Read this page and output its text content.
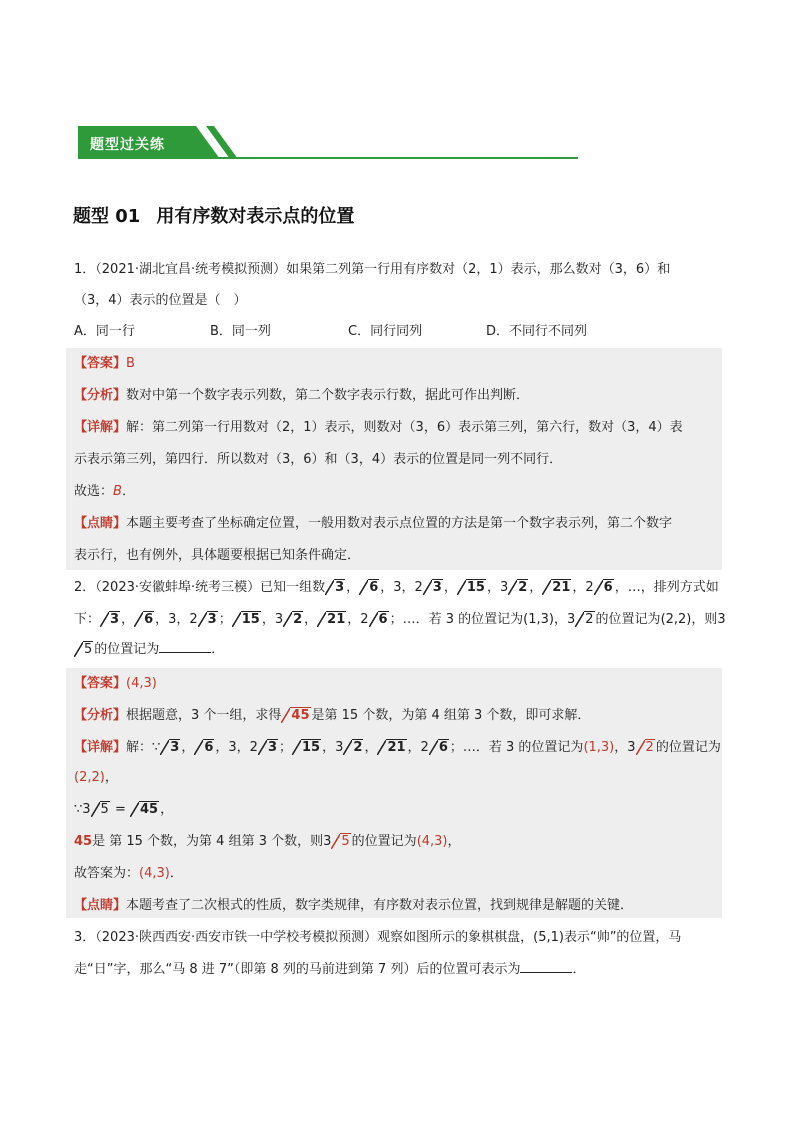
题型过关练
题型 01 用有序数对表示点的位置
1．（2021·湖北宜昌·统考模拟预测）如果第二列第一行用有序数对（2，1）表示，那么数对（3，6）和
（3，4）表示的位置是（　）
A．同一行	B．同一列	C．同行同列	D．不同行不同列
【答案】B
【分析】数对中第一个数字表示列数，第二个数字表示行数，据此可作出判断．
【详解】解：第二列第一行用数对（2，1）表示，则数对（3，6）表示第三列，第六行，数对（3，4）表
示表示第三列，第四行．所以数对（3，6）和（3，4）表示的位置是同一列不同行．
故选：B．
【点睛】本题主要考查了坐标确定位置，一般用数对表示点位置的方法是第一个数字表示列，第二个数字
表示行，也有例外，具体题要根据已知条件确定．
2．（2023·安徽蚌埠·统考三模）已知一组数 3 ， 6 ，3，2 3 ， 15 ，3 2 ， 21 ，2 6 ，…，排列方式如
下： 3 ， 6 ，3，2 3 ； 15 ，3 2 ， 21 ，2 6 ；…．若 3 的位置记为(1,3)，3 2 的位置记为(2,2)，则3
5 的位置记为	．
【答案】(4,3)
【分析】根据题意，3 个一组，求得 45 是第 15 个数，为第 4 组第 3 个数，即可求解．
【详解】解：∵ 3 ， 6 ，3，2 3 ； 15 ，3 2 ， 21 ，2 6 ；…．若 3 的位置记为(1,3)，3 2 的位置记为
(2,2)，
∵3 5 = 45 ，
45是 第 15 个数，为第 4 组第 3 个数，则3 5 的位置记为(4,3)，
故答案为：(4,3)．
【点睛】本题考查了二次根式的性质，数字类规律，有序数对表示位置，找到规律是解题的关键．
3．（2023·陕西西安·西安市铁一中学校考模拟预测）观察如图所示的象棋棋盘，(5,1)表示“帅”的位置，马
走“日”字，那么“马 8 进 7”（即第 8 列的马前进到第 7 列）后的位置可表示为	．
